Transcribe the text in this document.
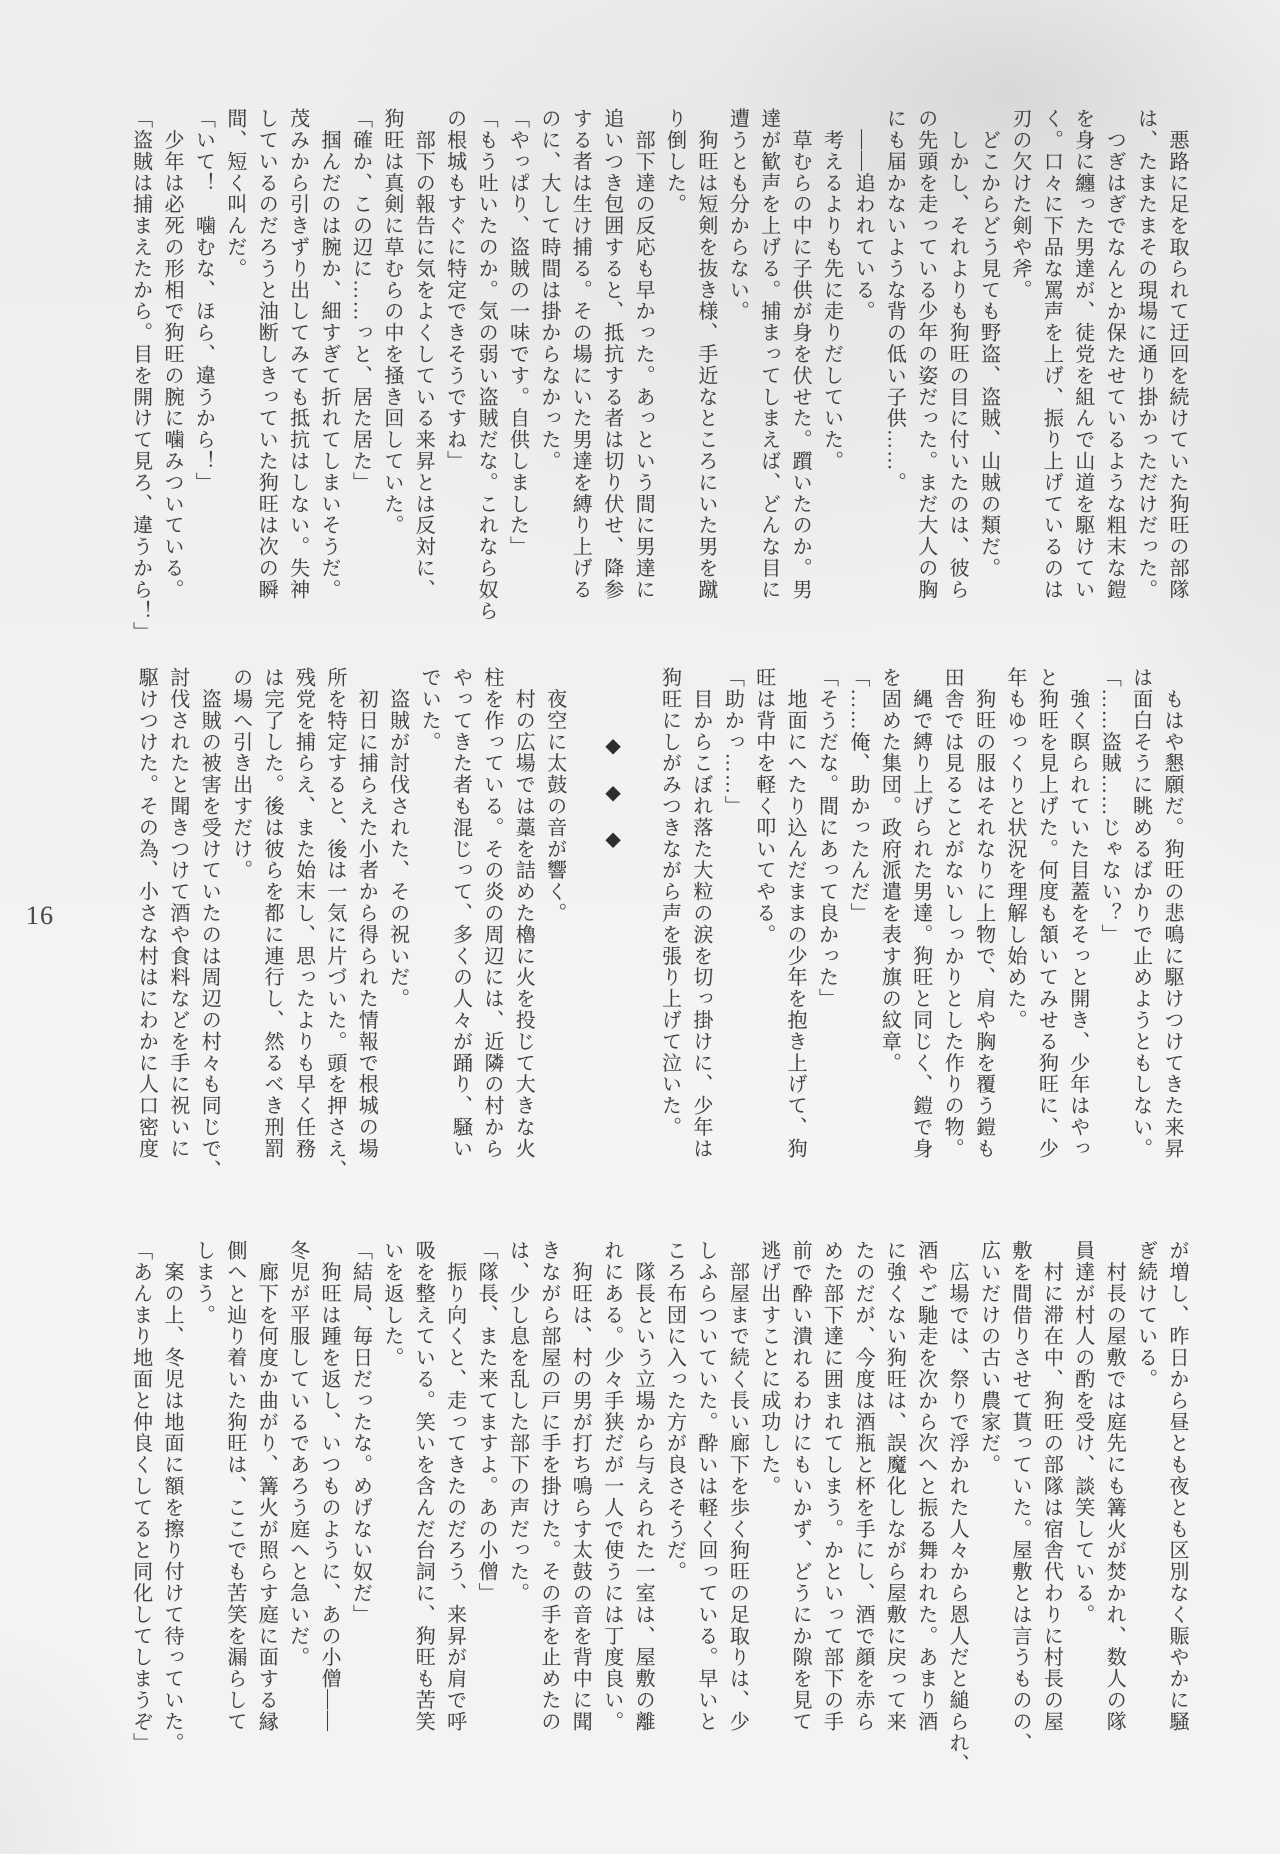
　悪路に足を取られて迂回を続けていた狗旺の部隊
は、たまたまその現場に通り掛かっただけだった。
　つぎはぎでなんとか保たせているような粗末な鎧
を身に纏った男達が、徒党を組んで山道を駆けてい
く。口々に下品な罵声を上げ、振り上げているのは
刃の欠けた剣や斧。
　どこからどう見ても野盗、盗賊、山賊の類だ。
　しかし、それよりも狗旺の目に付いたのは、彼ら
の先頭を走っている少年の姿だった。まだ大人の胸
にも届かないような背の低い子供……。
　――追われている。
　考えるよりも先に走りだしていた。
　草むらの中に子供が身を伏せた。躓いたのか。男
達が歓声を上げる。捕まってしまえば、どんな目に
遭うとも分からない。
　狗旺は短剣を抜き様、手近なところにいた男を蹴
り倒した。
　部下達の反応も早かった。あっという間に男達に
追いつき包囲すると、抵抗する者は切り伏せ、降参
する者は生け捕る。その場にいた男達を縛り上げる
のに、大して時間は掛からなかった。
「やっぱり、盗賊の一味です。自供しました」
「もう吐いたのか。気の弱い盗賊だな。これなら奴ら
の根城もすぐに特定できそうですね」
　部下の報告に気をよくしている来昇とは反対に、
狗旺は真剣に草むらの中を掻き回していた。
「確か、この辺に……っと、居た居た」
　掴んだのは腕か、細すぎて折れてしまいそうだ。
茂みから引きずり出してみても抵抗はしない。失神
しているのだろうと油断しきっていた狗旺は次の瞬
間、短く叫んだ。
「いて！　噛むな、ほら、違うから！」
　少年は必死の形相で狗旺の腕に噛みついている。
「盗賊は捕まえたから。目を開けて見ろ、違うから！」
　もはや懇願だ。狗旺の悲鳴に駆けつけてきた来昇
は面白そうに眺めるばかりで止めようともしない。
「……盗賊……じゃない？」
　強く瞑られていた目蓋をそっと開き、少年はやっ
と狗旺を見上げた。何度も頷いてみせる狗旺に、少
年もゆっくりと状況を理解し始めた。
　狗旺の服はそれなりに上物で、肩や胸を覆う鎧も
田舎では見ることがないしっかりとした作りの物。
　縄で縛り上げられた男達。狗旺と同じく、鎧で身
を固めた集団。政府派遣を表す旗の紋章。
「……俺、助かったんだ」
「そうだな。間にあって良かった」
　地面にへたり込んだままの少年を抱き上げて、狗
旺は背中を軽く叩いてやる。
「助かっ……」
　目からこぼれ落た大粒の涙を切っ掛けに、少年は
狗旺にしがみつきながら声を張り上げて泣いた。
◆　◆　◆
　夜空に太鼓の音が響く。
　村の広場では藁を詰めた櫓に火を投じて大きな火
柱を作っている。その炎の周辺には、近隣の村から
やってきた者も混じって、多くの人々が踊り、騒い
でいた。
　盗賊が討伐された、その祝いだ。
　初日に捕らえた小者から得られた情報で根城の場
所を特定すると、後は一気に片づいた。頭を押さえ、
残党を捕らえ、また始末し、思ったよりも早く任務
は完了した。後は彼らを都に連行し、然るべき刑罰
の場へ引き出すだけ。
　盗賊の被害を受けていたのは周辺の村々も同じで、
討伐されたと聞きつけて酒や食料などを手に祝いに
駆けつけた。その為、小さな村はにわかに人口密度
が増し、昨日から昼とも夜とも区別なく賑やかに騒
ぎ続けている。
　村長の屋敷では庭先にも篝火が焚かれ、数人の隊
員達が村人の酌を受け、談笑している。
　村に滞在中、狗旺の部隊は宿舎代わりに村長の屋
敷を間借りさせて貰っていた。屋敷とは言うものの、
広いだけの古い農家だ。
　広場では、祭りで浮かれた人々から恩人だと縋られ、
酒やご馳走を次から次へと振る舞われた。あまり酒
に強くない狗旺は、誤魔化しながら屋敷に戻って来
たのだが、今度は酒瓶と杯を手にし、酒で顔を赤ら
めた部下達に囲まれてしまう。かといって部下の手
前で酔い潰れるわけにもいかず、どうにか隙を見て
逃げ出すことに成功した。
　部屋まで続く長い廊下を歩く狗旺の足取りは、少
しふらついていた。酔いは軽く回っている。早いと
ころ布団に入った方が良さそうだ。
　隊長という立場から与えられた一室は、屋敷の離
れにある。少々手狭だが一人で使うには丁度良い。
　狗旺は、村の男が打ち鳴らす太鼓の音を背中に聞
きながら部屋の戸に手を掛けた。その手を止めたの
は、少し息を乱した部下の声だった。
「隊長、また来てますよ。あの小僧」
　振り向くと、走ってきたのだろう、来昇が肩で呼
吸を整えている。笑いを含んだ台詞に、狗旺も苦笑
いを返した。
「結局、毎日だったな。めげない奴だ」
　狗旺は踵を返し、いつものように、あの小僧――
冬児が平服しているであろう庭へと急いだ。
　廊下を何度か曲がり、篝火が照らす庭に面する縁
側へと辿り着いた狗旺は、ここでも苦笑を漏らして
しまう。
　案の上、冬児は地面に額を擦り付けて待っていた。
「あんまり地面と仲良くしてると同化してしまうぞ」
16
